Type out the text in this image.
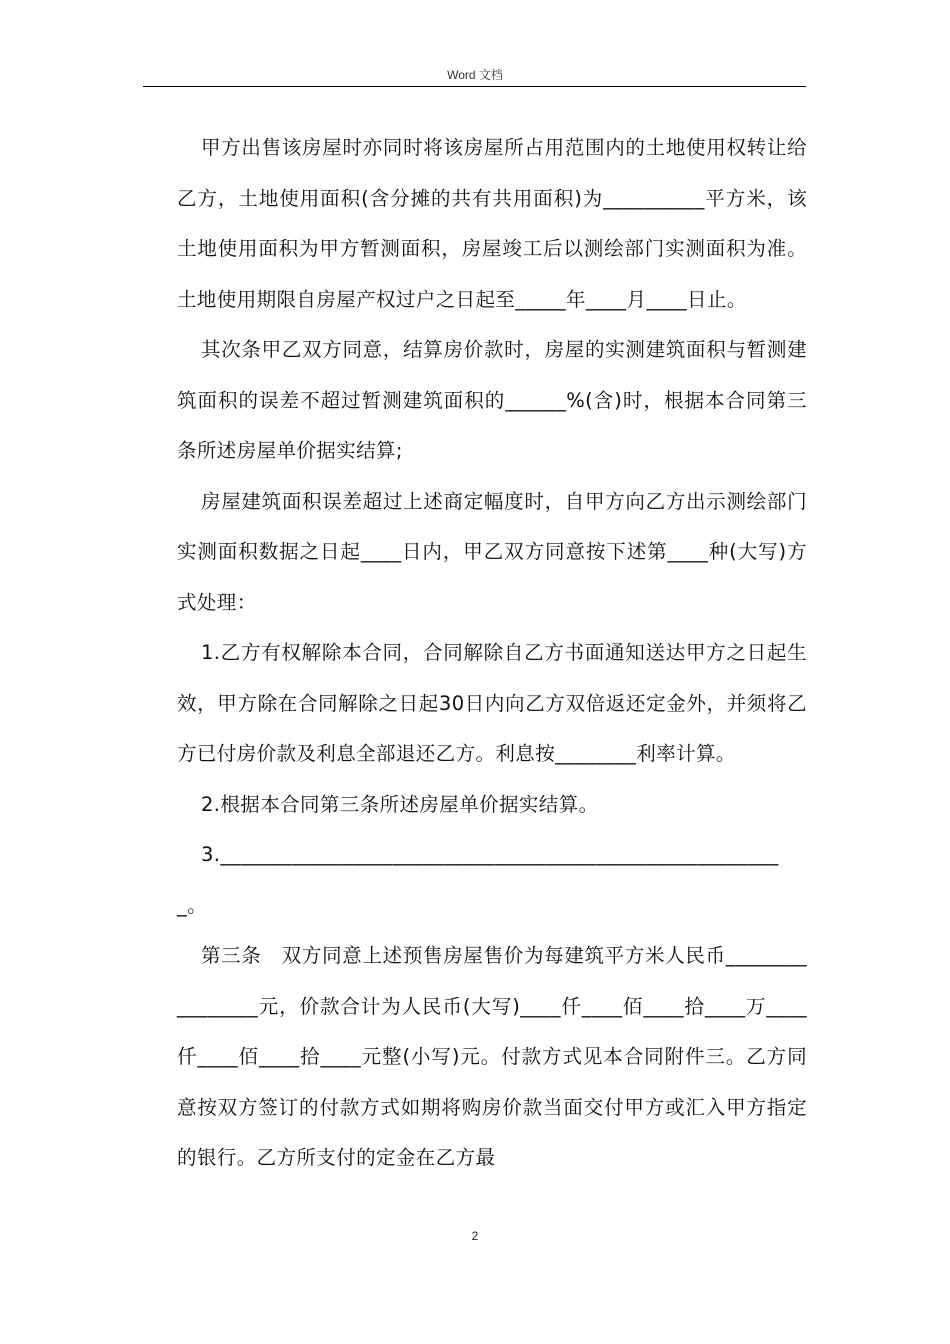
Word 文档

甲方出售该房屋时亦同时将该房屋所占用范围内的土地使用权转让给乙方，土地使用面积(含分摊的共有共用面积)为__________平方米，该土地使用面积为甲方暂测面积，房屋竣工后以测绘部门实测面积为准。土地使用期限自房屋产权过户之日起至_____年____月____日止。

其次条甲乙双方同意，结算房价款时，房屋的实测建筑面积与暂测建筑面积的误差不超过暂测建筑面积的______%(含)时，根据本合同第三条所述房屋单价据实结算;

房屋建筑面积误差超过上述商定幅度时，自甲方向乙方出示测绘部门实测面积数据之日起____日内，甲乙双方同意按下述第____种(大写)方式处理：

1.乙方有权解除本合同，合同解除自乙方书面通知送达甲方之日起生效，甲方除在合同解除之日起30日内向乙方双倍返还定金外，并须将乙方已付房价款及利息全部退还乙方。利息按________利率计算。

2.根据本合同第三条所述房屋单价据实结算。

3.________________________________________________________。

第三条　双方同意上述预售房屋售价为每建筑平方米人民币________________元，价款合计为人民币(大写)____仟____佰____拾____万____仟____佰____拾____元整(小写)元。付款方式见本合同附件三。乙方同意按双方签订的付款方式如期将购房价款当面交付甲方或汇入甲方指定的银行。乙方所支付的定金在乙方最

2
